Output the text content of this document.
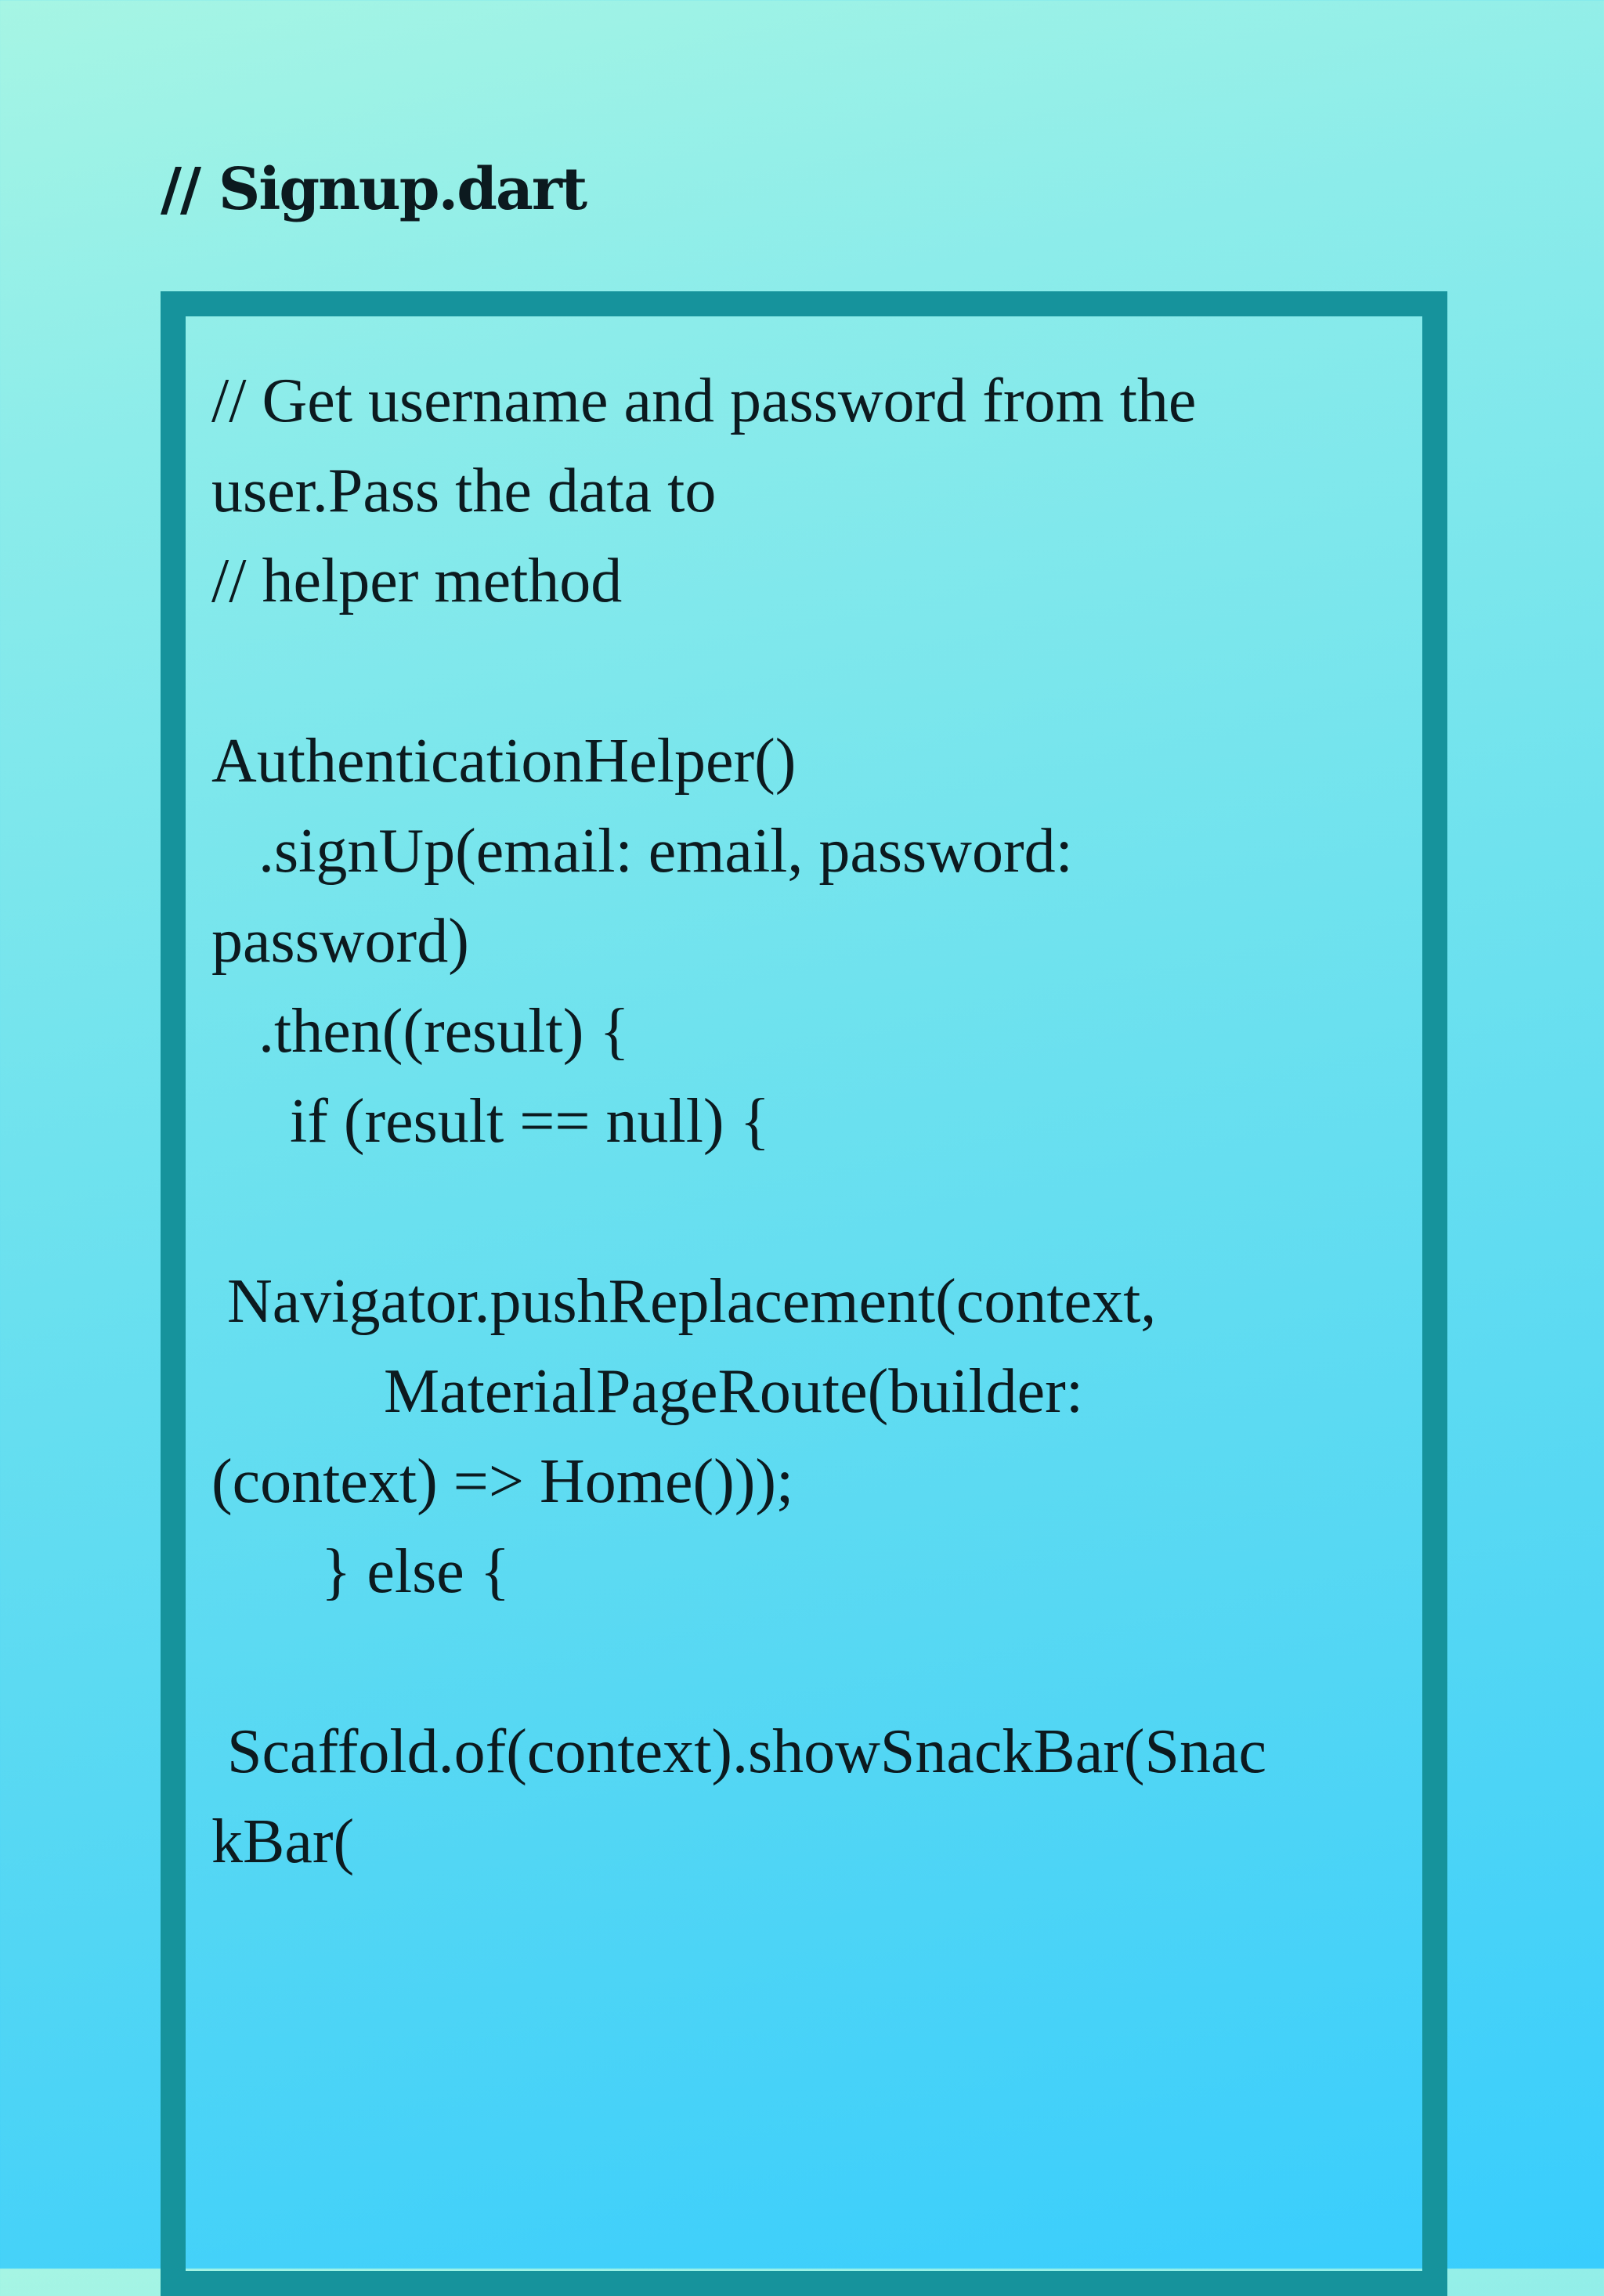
// Signup.dart
// Get username and password from the
user.Pass the data to
// helper method
AuthenticationHelper()
.signUp(email: email, password:
password)
.then((result) {
if (result == null) {
Navigator.pushReplacement(context,
MaterialPageRoute(builder:
(context) => Home()));
} else {
Scaffold.of(context).showSnackBar(Snac
kBar(
